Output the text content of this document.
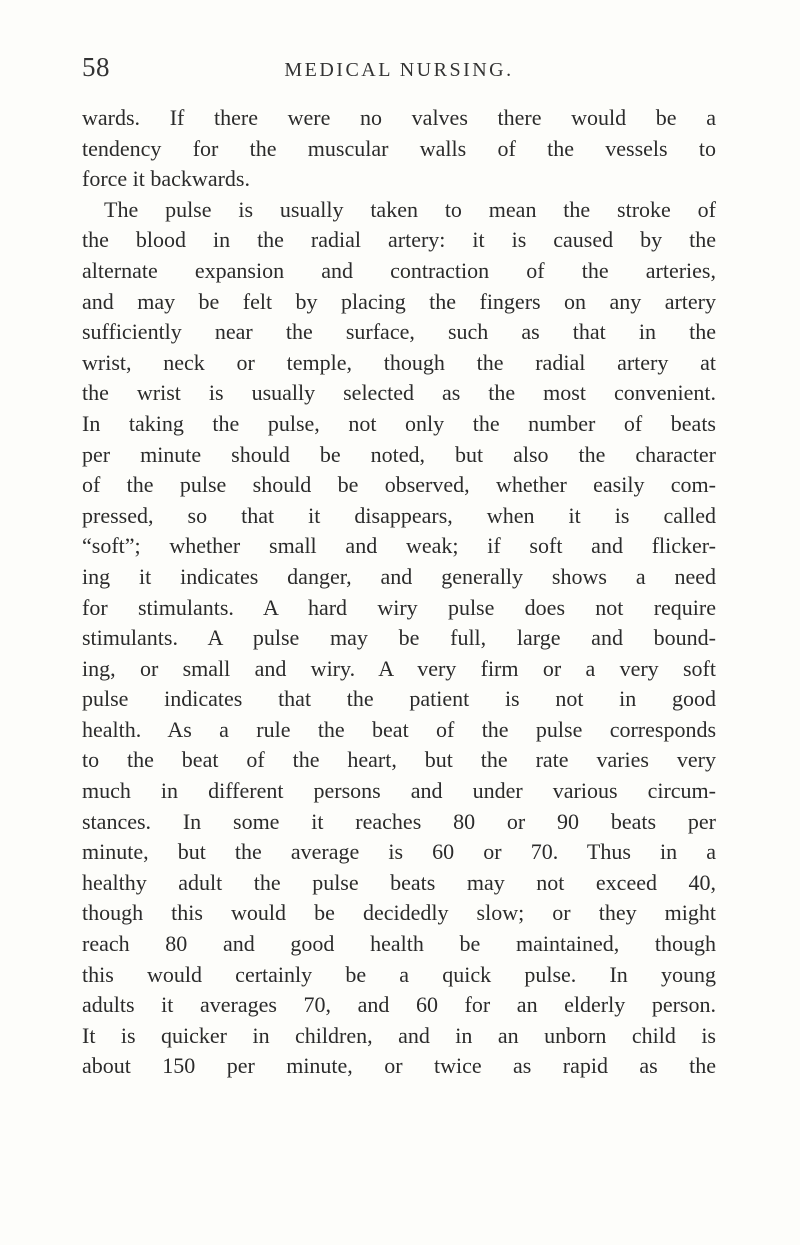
58	MEDICAL NURSING.
wards. If there were no valves there would be a
tendency for the muscular walls of the vessels to
force it backwards.
The pulse is usually taken to mean the stroke of
the blood in the radial artery: it is caused by the
alternate expansion and contraction of the arteries,
and may be felt by placing the fingers on any artery
sufficiently near the surface, such as that in the
wrist, neck or temple, though the radial artery at
the wrist is usually selected as the most convenient.
In taking the pulse, not only the number of beats
per minute should be noted, but also the character
of the pulse should be observed, whether easily com-
pressed, so that it disappears, when it is called
“soft”; whether small and weak; if soft and flicker-
ing it indicates danger, and generally shows a need
for stimulants. A hard wiry pulse does not require
stimulants. A pulse may be full, large and bound-
ing, or small and wiry. A very firm or a very soft
pulse indicates that the patient is not in good
health. As a rule the beat of the pulse corresponds
to the beat of the heart, but the rate varies very
much in different persons and under various circum-
stances. In some it reaches 80 or 90 beats per
minute, but the average is 60 or 70. Thus in a
healthy adult the pulse beats may not exceed 40,
though this would be decidedly slow; or they might
reach 80 and good health be maintained, though
this would certainly be a quick pulse. In young
adults it averages 70, and 60 for an elderly person.
It is quicker in children, and in an unborn child is
about 150 per minute, or twice as rapid as the
